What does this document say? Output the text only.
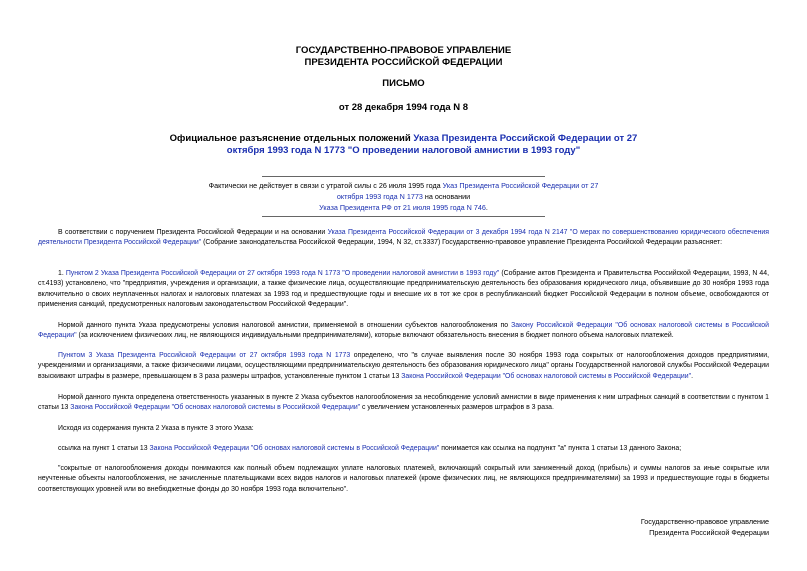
ГОСУДАРСТВЕННО-ПРАВОВОЕ УПРАВЛЕНИЕ
ПРЕЗИДЕНТА РОССИЙСКОЙ ФЕДЕРАЦИИ
ПИСЬМО
от 28 декабря 1994 года N 8
Официальное разъяснение отдельных положений Указа Президента Российской Федерации от 27 октября 1993 года N 1773 "О проведении налоговой амнистии в 1993 году"
Фактически не действует в связи с утратой силы с 26 июля 1995 года Указ Президента Российской Федерации от 27 октября 1993 года N 1773 на основании
Указа Президента РФ от 21 июля 1995 года N 746.

В соответствии с поручением Президента Российской Федерации и на основании Указа Президента Российской Федерации от 3 декабря 1994 года N 2147 "О мерах по совершенствованию юридического обеспечения деятельности Президента Российской Федерации" (Собрание законодательства Российской Федерации, 1994, N 32, ст.3337) Государственно-правовое управление Президента Российской Федерации разъясняет:

1. Пунктом 2 Указа Президента Российской Федерации от 27 октября 1993 года N 1773 "О проведении налоговой амнистии в 1993 году" (Собрание актов Президента и Правительства Российской Федерации, 1993, N 44, ст.4193) установлено, что "предприятия, учреждения и организации, а также физические лица, осуществляющие предпринимательскую деятельность без образования юридического лица, объявившие до 30 ноября 1993 года включительно о своих неуплаченных налогах и налоговых платежах за 1993 год и предшествующие годы и внесшие их в тот же срок в республиканский бюджет Российской Федерации в полном объеме, освобождаются от применения санкций, предусмотренных налоговым законодательством Российской Федерации".

Нормой данного пункта Указа предусмотрены условия налоговой амнистии, применяемой в отношении субъектов налогообложения по Закону Российской Федерации "Об основах налоговой системы в Российской Федерации" (за исключением физических лиц, не являющихся индивидуальными предпринимателями), которые включают обязательность внесения в бюджет полного объема налоговых платежей.

Пунктом 3 Указа Президента Российской Федерации от 27 октября 1993 года N 1773 определено, что "в случае выявления после 30 ноября 1993 года сокрытых от налогообложения доходов предприятиями, учреждениями и организациями, а также физическими лицами, осуществляющими предпринимательскую деятельность без образования юридического лица" органы Государственной налоговой службы Российской Федерации взыскивают штрафы в размере, превышающем в 3 раза размеры штрафов, установленные пунктом 1 статьи 13 Закона Российской Федерации "Об основах налоговой системы в Российской Федерации".

Нормой данного пункта определена ответственность указанных в пункте 2 Указа субъектов налогообложения за несоблюдение условий амнистии в виде применения к ним штрафных санкций в соответствии с пунктом 1 статьи 13 Закона Российской Федерации "Об основах налоговой системы в Российской Федерации" с увеличением установленных размеров штрафов в 3 раза.

Исходя из содержания пункта 2 Указа в пункте 3 этого Указа:

ссылка на пункт 1 статьи 13 Закона Российской Федерации "Об основах налоговой системы в Российской Федерации" понимается как ссылка на подпункт "а" пункта 1 статьи 13 данного Закона;

"сокрытые от налогообложения доходы понимаются как полный объем подлежащих уплате налоговых платежей, включающий сокрытый или заниженный доход (прибыль) и суммы налогов за иные сокрытые или неучтенные объекты налогообложения, не зачисленные плательщиками всех видов налогов и налоговых платежей (кроме физических лиц, не являющихся предпринимателями) за 1993 и предшествующие годы в бюджеты соответствующих уровней или во внебюджетные фонды до 30 ноября 1993 года включительно".

Государственно-правовое управление
Президента Российской Федерации
